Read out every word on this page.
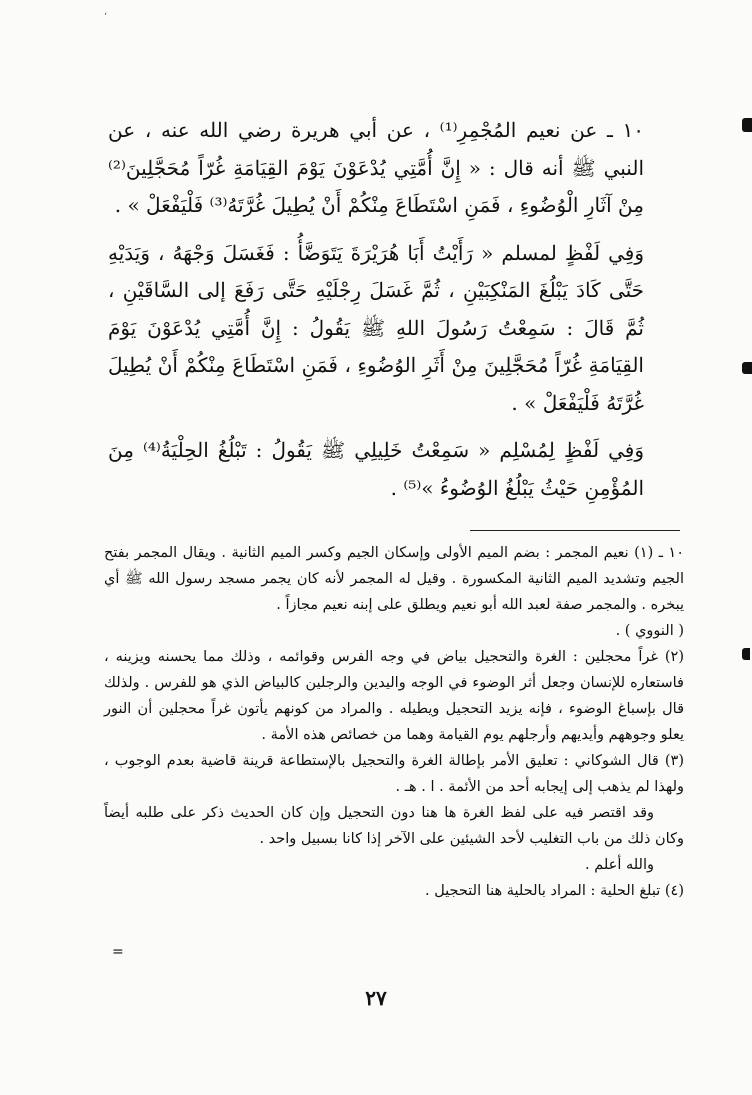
٬

١٠ ـ عن نعيم المُجْمِرِ⁽¹⁾ ، عن أبي هريرة رضي الله عنه ، عن النبي ﷺ أنه قال : « إِنَّ أُمَّتِي يُدْعَوْنَ يَوْمَ القِيَامَةِ غُرّاً مُحَجَّلِينَ⁽²⁾ مِنْ آثَارِ الْوُضُوءِ ، فَمَنِ اسْتَطَاعَ مِنْكُمْ أَنْ يُطِيلَ غُرَّتَهُ⁽³⁾ فَلْيَفْعَلْ » .

وَفِي لَفْظٍ لمسلم « رَأَيْتُ أَبَا هُرَيْرَةَ يَتَوَضَّأُ : فَغَسَلَ وَجْهَهُ ، وَيَدَيْهِ حَتَّى كَادَ يَبْلُغَ المَنْكِبَيْنِ ، ثُمَّ غَسَلَ رِجْلَيْهِ حَتَّى رَفَعَ إلى السَّاقَيْنِ ، ثُمَّ قَالَ : سَمِعْتُ رَسُولَ اللهِ ﷺ يَقُولُ : إِنَّ أُمَّتِي يُدْعَوْنَ يَوْمَ القِيَامَةِ غُرّاً مُحَجَّلِينَ مِنْ أَثَرِ الوُضُوءِ ، فَمَنِ اسْتَطَاعَ مِنْكُمْ أَنْ يُطِيلَ غُرَّتَهُ فَلْيَفْعَلْ » .

وَفِي لَفْظٍ لِمُسْلِم « سَمِعْتُ خَلِيلِي ﷺ يَقُولُ : تَبْلُغُ الحِلْيَةُ⁽⁴⁾ مِنَ المُؤْمِنِ حَيْثُ يَبْلُغُ الوُضُوءُ »⁽⁵⁾ .

١٠ ـ (١) نعيم المجمر : بضم الميم الأولى وإسكان الجيم وكسر الميم الثانية . ويقال المجمر بفتح الجيم وتشديد الميم الثانية المكسورة . وقيل له المجمر لأنه كان يجمر مسجد رسول الله ﷺ أي يبخره . والمجمر صفة لعبد الله أبو نعيم ويطلق على إبنه نعيم مجازاً .

( النووي ) .

(٢) غراً محجلين : الغرة والتحجيل بياض في وجه الفرس وقوائمه ، وذلك مما يحسنه ويزينه ، فاستعاره للإنسان وجعل أثر الوضوء في الوجه واليدين والرجلين كالبياض الذي هو للفرس . ولذلك قال بإسباغ الوضوء ، فإنه يزيد التحجيل ويطيله . والمراد من كونهم يأتون غراً محجلين أن النور يعلو وجوههم وأيديهم وأرجلهم يوم القيامة وهما من خصائص هذه الأمة .

(٣) قال الشوكاني : تعليق الأمر بإطالة الغرة والتحجيل بالإستطاعة قرينة قاضية بعدم الوجوب ، ولهذا لم يذهب إلى إيجابه أحد من الأئمة . ا . هـ .

وقد اقتصر فيه على لفظ الغرة ها هنا دون التحجيل وإن كان الحديث ذكر على طلبه أيضاً وكان ذلك من باب التغليب لأحد الشيئين على الآخر إذا كانا بسبيل واحد .

والله أعلم .

(٤) تبلغ الحلية : المراد بالحلية هنا التحجيل .

=
٢٧
